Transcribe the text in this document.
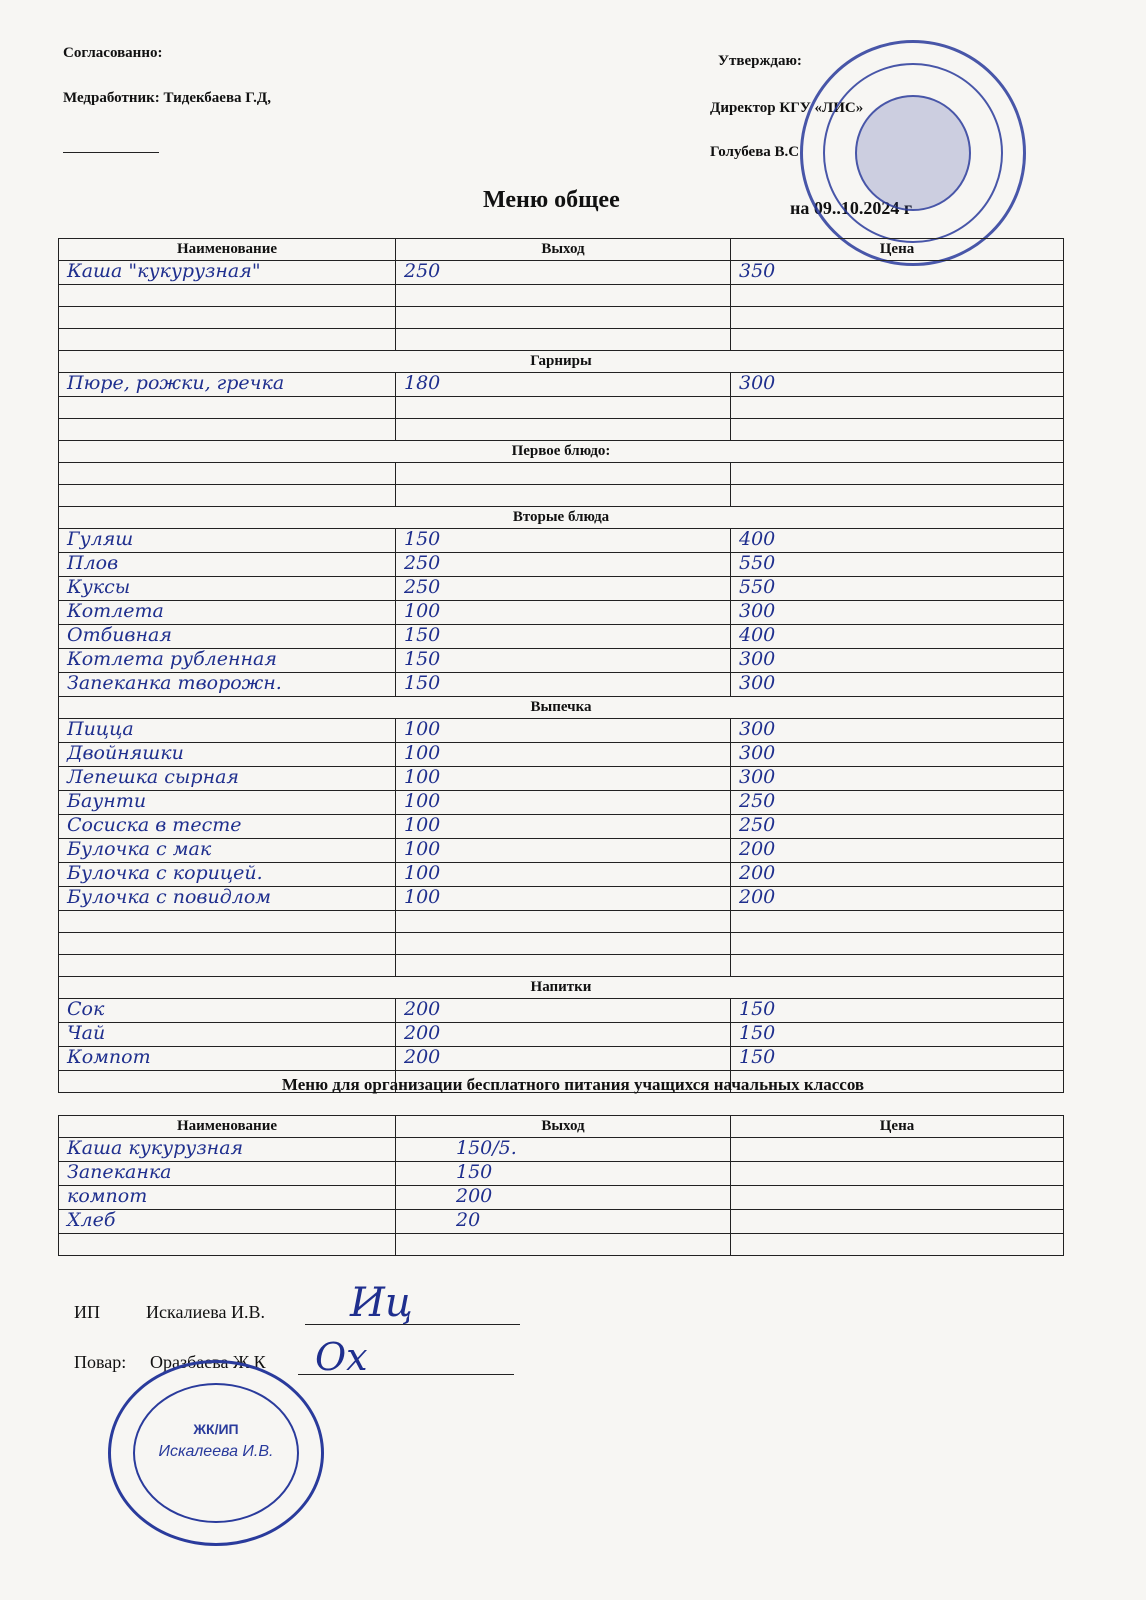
Согласованно:
Медработник: Тидекбаева Г.Д,
Утверждаю:
Директор КГУ «ЛИС»
Голубева В.С
Меню общее	на 09..10.2024 г
Наименование	Выход	Цена
Каша "кукурузная"	250	350

Гарниры		
Пюре, рожки, гречка	180	300

Первое блюдо:		

Вторые блюда		
Гуляш	150	400
Плов	250	550
Куксы	250	550
Котлета	100	300
Отбивная	150	400
Котлета рубленная	150	300
Запеканка творожн.	150	300
Выпечка		
Пицца	100	300
Двойняшки	100	300
Лепешка сырная	100	300
Баунти	100	250
Сосиска в тесте	100	250
Булочка с мак	100	200
Булочка с корицей.	100	200
Булочка с повидлом	100	200

Напитки		
Сок	200	150
Чай	200	150
Компот	200	150

Меню для организации бесплатного питания учащихся начальных классов
Наименование	Выход	Цена
Каша кукурузная	150/5.	
Запеканка	150	
компот	200	
Хлеб	20	

ИП	Искалиева И.В. Иц
Повар: Оразбаева Ж.К Ох
ЖК/ИП
Искалеева И.В.
